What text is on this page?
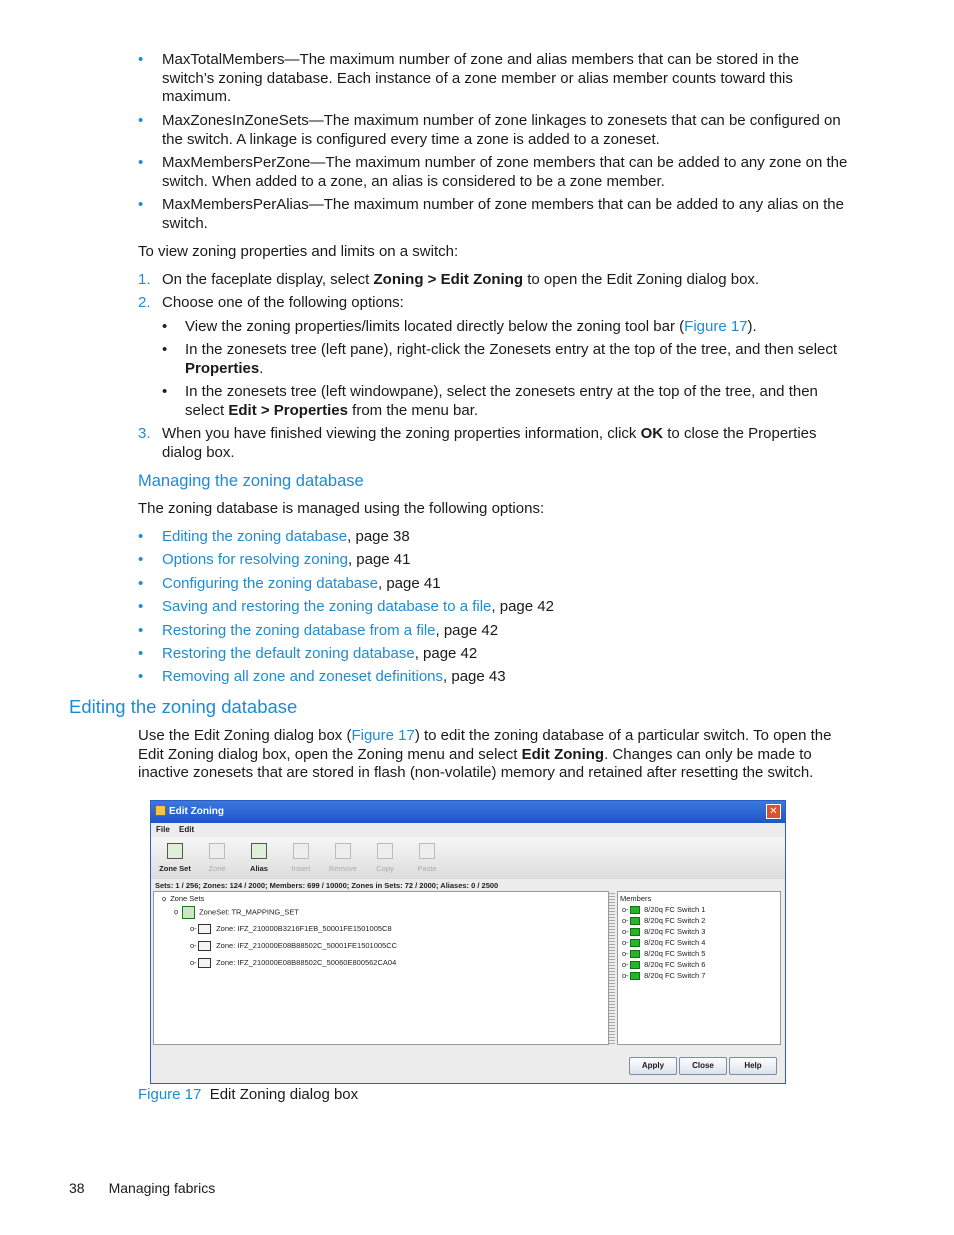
• MaxTotalMembers—The maximum number of zone and alias members that can be stored in the switch’s zoning database. Each instance of a zone member or alias member counts toward this maximum.
• MaxZonesInZoneSets—The maximum number of zone linkages to zonesets that can be configured on the switch. A linkage is configured every time a zone is added to a zoneset.
• MaxMembersPerZone—The maximum number of zone members that can be added to any zone on the switch. When added to a zone, an alias is considered to be a zone member.
• MaxMembersPerAlias—The maximum number of zone members that can be added to any alias on the switch.
To view zoning properties and limits on a switch:
1. On the faceplate display, select Zoning > Edit Zoning to open the Edit Zoning dialog box.
2. Choose one of the following options:
• View the zoning properties/limits located directly below the zoning tool bar (Figure 17).
• In the zonesets tree (left pane), right-click the Zonesets entry at the top of the tree, and then select Properties.
• In the zonesets tree (left windowpane), select the zonesets entry at the top of the tree, and then select Edit > Properties from the menu bar.
3. When you have finished viewing the zoning properties information, click OK to close the Properties dialog box.
Managing the zoning database
The zoning database is managed using the following options:
• Editing the zoning database, page 38
• Options for resolving zoning, page 41
• Configuring the zoning database, page 41
• Saving and restoring the zoning database to a file, page 42
• Restoring the zoning database from a file, page 42
• Restoring the default zoning database, page 42
• Removing all zone and zoneset definitions, page 43
Editing the zoning database
Use the Edit Zoning dialog box (Figure 17) to edit the zoning database of a particular switch. To open the Edit Zoning dialog box, open the Zoning menu and select Edit Zoning. Changes can only be made to inactive zonesets that are stored in flash (non-volatile) memory and retained after resetting the switch.
Edit Zoning	✕
File Edit
Zone Set	Zone	Alias	Insert	Remove	Copy	Paste
Sets: 1 / 256; Zones: 124 / 2000; Members: 699 / 10000; Zones in Sets: 72 / 2000; Aliases: 0 / 2500
ọ Zone Sets
ọ	ZoneSet: TR_MAPPING_SET
o-	Zone: IFZ_210000B3216F1EB_50001FE1501005C8
o-	Zone: IFZ_210000E08B88502C_50001FE1501005CC
o-	Zone: IFZ_210000E08B88502C_50060E800562CA04
Members
o- 8/20q FC Switch 1
o- 8/20q FC Switch 2
o- 8/20q FC Switch 3
o- 8/20q FC Switch 4
o- 8/20q FC Switch 5
o- 8/20q FC Switch 6
o- 8/20q FC Switch 7
Apply	Close	Help
Figure 17  Edit Zoning dialog box
38 Managing fabrics
